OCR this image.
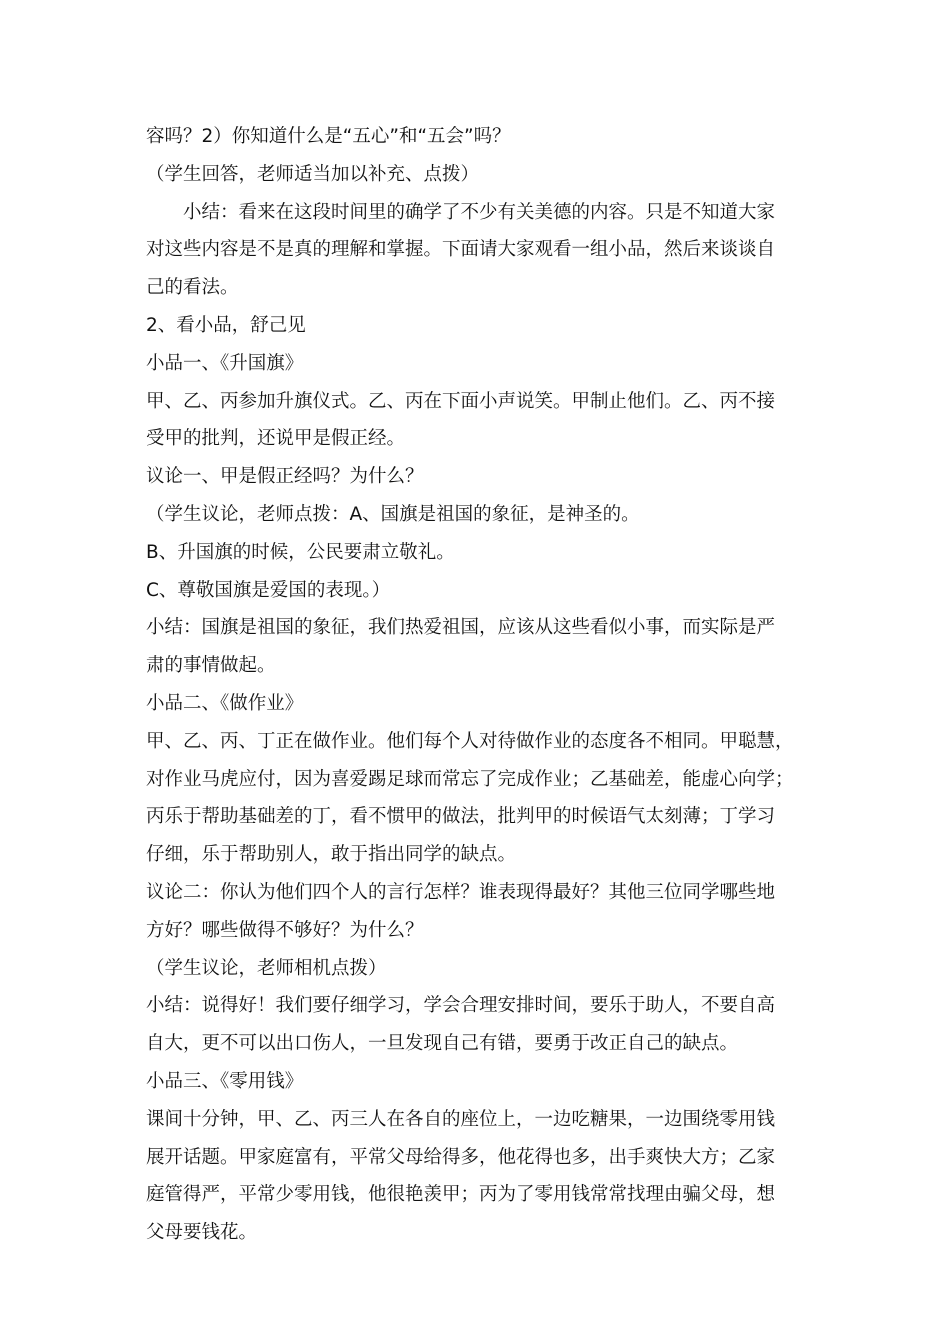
容吗？2）你知道什么是“五心”和“五会”吗？
（学生回答，老师适当加以补充、点拨）
小结：看来在这段时间里的确学了不少有关美德的内容。只是不知道大家
对这些内容是不是真的理解和掌握。下面请大家观看一组小品，然后来谈谈自
己的看法。
2、看小品，舒己见
小品一、《升国旗》
甲、乙、丙参加升旗仪式。乙、丙在下面小声说笑。甲制止他们。乙、丙不接
受甲的批判，还说甲是假正经。
议论一、甲是假正经吗？为什么？
（学生议论，老师点拨：A、国旗是祖国的象征，是神圣的。
B、升国旗的时候，公民要肃立敬礼。
C、尊敬国旗是爱国的表现。）
小结：国旗是祖国的象征，我们热爱祖国，应该从这些看似小事，而实际是严
肃的事情做起。
小品二、《做作业》
甲、乙、丙、丁正在做作业。他们每个人对待做作业的态度各不相同。甲聪慧，
对作业马虎应付，因为喜爱踢足球而常忘了完成作业；乙基础差，能虚心向学；
丙乐于帮助基础差的丁，看不惯甲的做法，批判甲的时候语气太刻薄；丁学习
仔细，乐于帮助别人，敢于指出同学的缺点。
议论二：你认为他们四个人的言行怎样？谁表现得最好？其他三位同学哪些地
方好？哪些做得不够好？为什么？
（学生议论，老师相机点拨）
小结：说得好！我们要仔细学习，学会合理安排时间，要乐于助人，不要自高
自大，更不可以出口伤人，一旦发现自己有错，要勇于改正自己的缺点。
小品三、《零用钱》
课间十分钟，甲、乙、丙三人在各自的座位上，一边吃糖果，一边围绕零用钱
展开话题。甲家庭富有，平常父母给得多，他花得也多，出手爽快大方；乙家
庭管得严，平常少零用钱，他很艳羡甲；丙为了零用钱常常找理由骗父母，想
父母要钱花。
